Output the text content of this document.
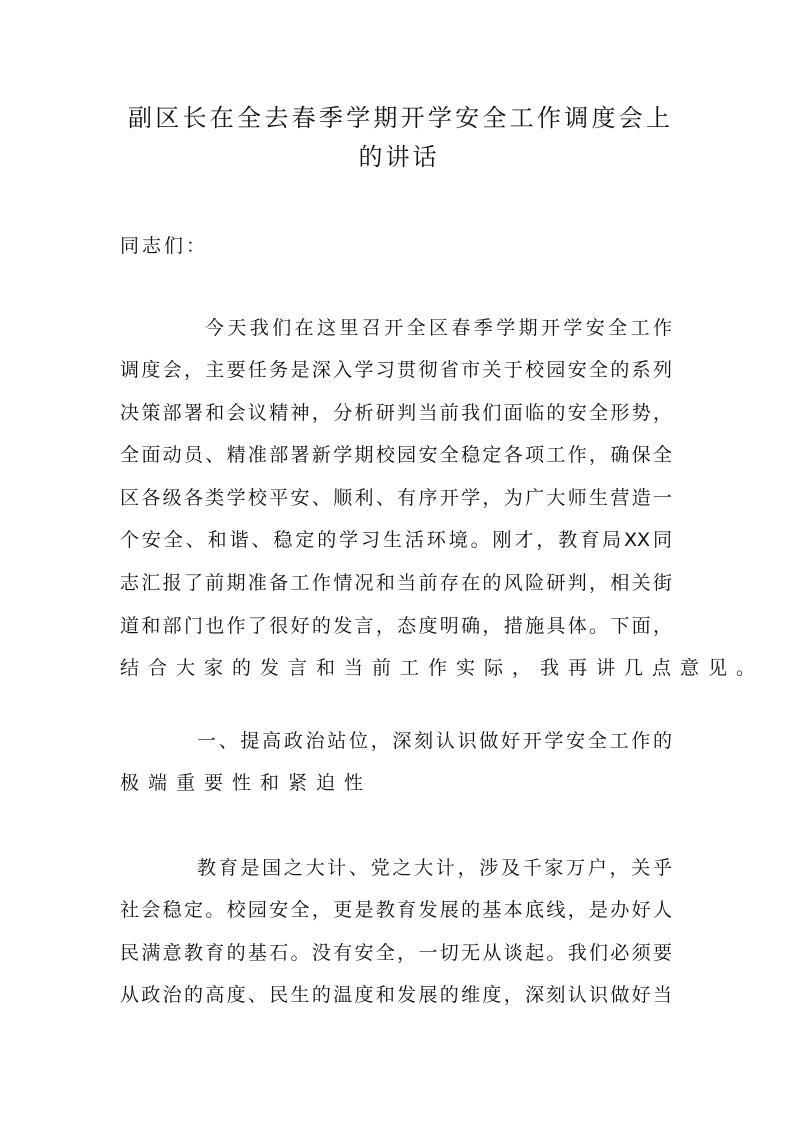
副区长在全去春季学期开学安全工作调度会上
的讲话
同志们：
今天我们在这里召开全区春季学期开学安全工作
调度会，主要任务是深入学习贯彻省市关于校园安全的系列
决策部署和会议精神，分析研判当前我们面临的安全形势，
全面动员、精准部署新学期校园安全稳定各项工作，确保全
区各级各类学校平安、顺利、有序开学，为广大师生营造一
个安全、和谐、稳定的学习生活环境。刚才，教育局XX同
志汇报了前期准备工作情况和当前存在的风险研判，相关街
道和部门也作了很好的发言，态度明确，措施具体。下面，
结合大家的发言和当前工作实际，我再讲几点意见。
一、提高政治站位，深刻认识做好开学安全工作的
极端重要性和紧迫性
教育是国之大计、党之大计，涉及千家万户，关乎
社会稳定。校园安全，更是教育发展的基本底线，是办好人
民满意教育的基石。没有安全，一切无从谈起。我们必须要
从政治的高度、民生的温度和发展的维度，深刻认识做好当
